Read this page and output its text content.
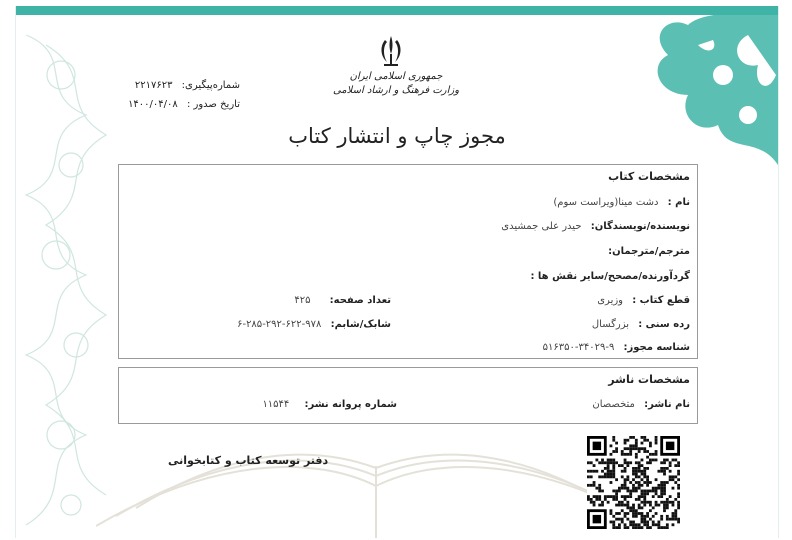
جمهوری اسلامی ایران
وزارت فرهنگ و ارشاد اسلامی
شماره‌پیگیری: ۲۲۱۷۶۲۳
تاریخ صدور : ۱۴۰۰/۰۴/۰۸
مجوز چاپ و انتشار کتاب
مشخصات کتاب
نام : دشت مینا(ویراست سوم)
نویسنده/نویسندگان: حیدر علی جمشیدی
مترجم/مترجمان:
گردآورنده/مصحح/سایر نقش ها :
قطع کتاب : وزیری
تعداد صفحه: ۴۲۵
رده سنی : بزرگسال
شابک/شابم: ۹۷۸-۶۲۲-۲۹۲-۲۸۵-۶
شناسه مجوز: ۹-۳۴۰۲۹-۵۱۶۳۵۰
مشخصات ناشر
نام ناشر: متخصصان
شماره پروانه نشر: ۱۱۵۴۴
دفتر توسعه کتاب و کتابخوانی
